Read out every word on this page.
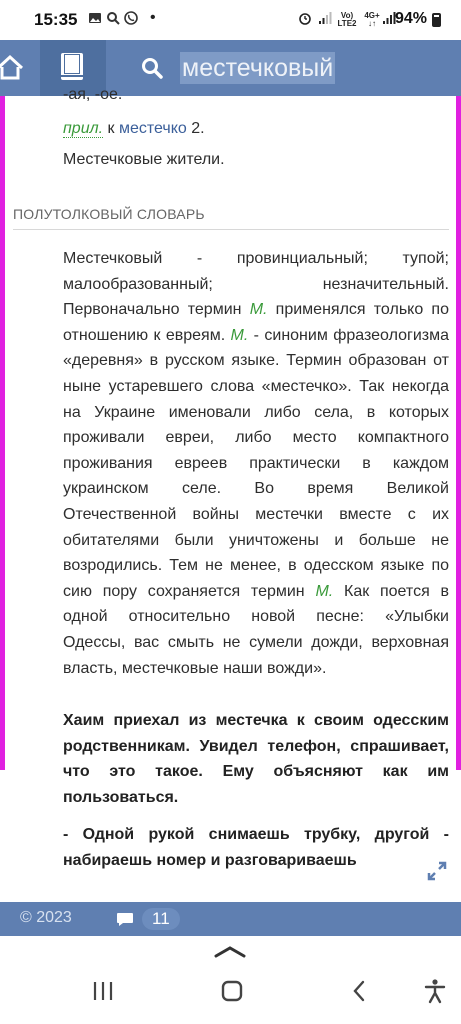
15:35	•	Vo)
LTE2
4G+
↓↑	94%
местечковый
-ая, -ое.
прил. к местечко 2.
Местечковые жители.
ПОЛУТОЛКОВЫЙ СЛОВАРЬ
Местечковый - провинциальный; тупой; малообразованный; незначительный. Первоначально термин М. применялся только по отношению к евреям. М. - синоним фразеологизма «деревня» в русском языке. Термин образован от ныне устаревшего слова «местечко». Так некогда на Украине именовали либо села, в которых проживали евреи, либо место компактного проживания евреев практически в каждом украинском селе. Во время Великой Отечественной войны местечки вместе с их обитателями были уничтожены и больше не возродились. Тем не менее, в одесском языке по сию пору сохраняется термин М. Как поется в одной относительно новой песне: «Улыбки Одессы, вас смыть не сумели дожди, верховная власть, местечковые наши вожди».
Хаим приехал из местечка к своим одесским родственникам. Увидел телефон, спрашивает, что это такое. Ему объясняют как им пользоваться.
- Одной рукой снимаешь трубку, другой - набираешь номер и разговариваешь
© 2023	11
